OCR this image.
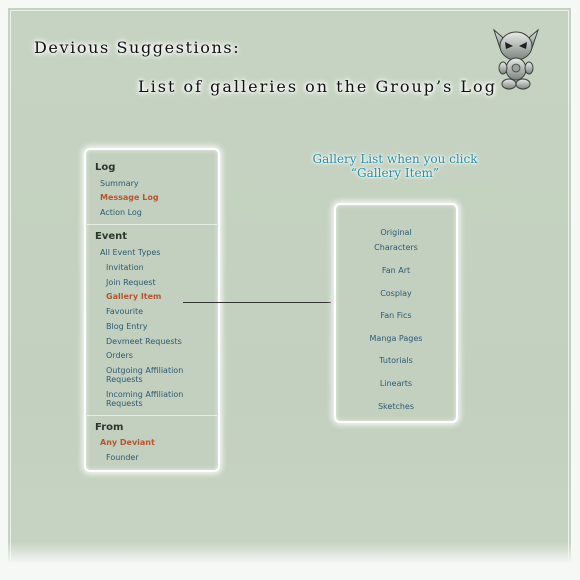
Devious Suggestions:
List of galleries on the Group’s Log
Log
Summary
Message Log
Action Log
Event
All Event Types
Invitation
Join Request
Gallery Item
Favourite
Blog Entry
Devmeet Requests
Orders
Outgoing Affiliation Requests
Incoming Affiliation Requests
From
Any Deviant
Founder
Gallery List when you click
“Gallery Item”
Original
Characters
Fan Art
Cosplay
Fan Fics
Manga Pages
Tutorials
Linearts
Sketches
